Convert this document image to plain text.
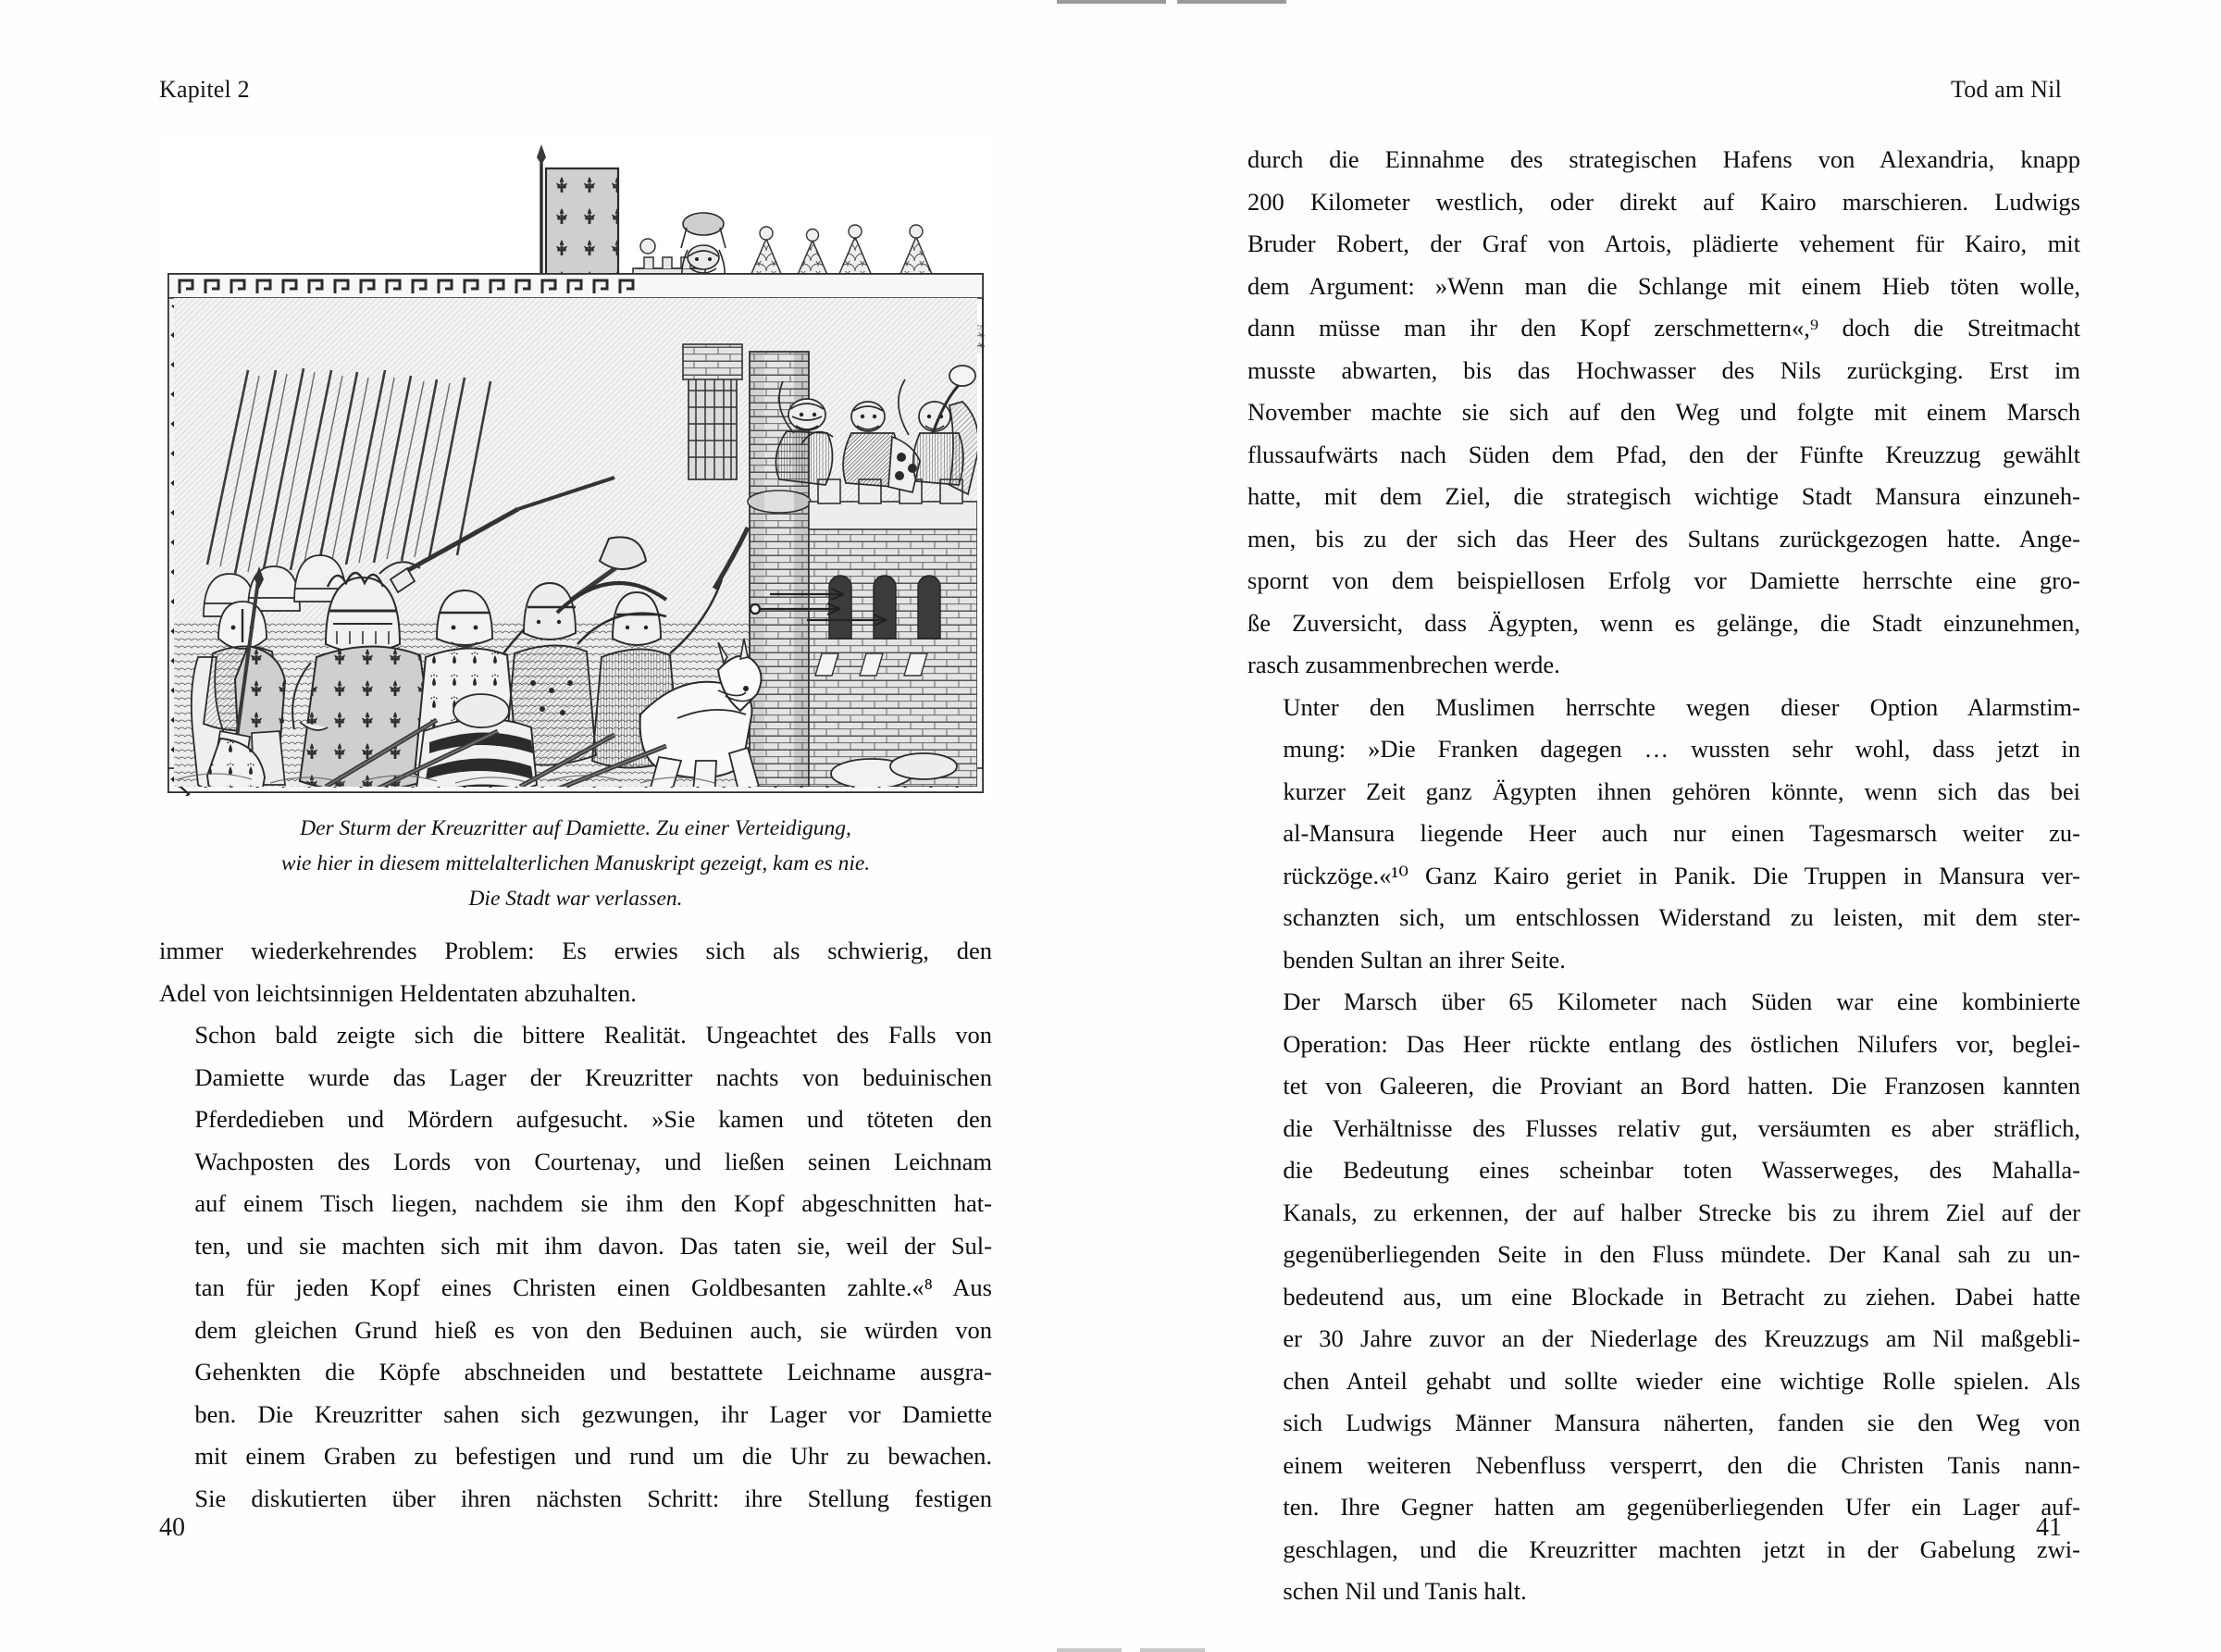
Kapitel 2
Der Sturm der Kreuzritter auf Damiette. Zu einer Verteidigung,
wie hier in diesem mittelalterlichen Manuskript gezeigt, kam es nie.
Die Stadt war verlassen.

immer wiederkehrendes Problem: Es erwies sich als schwierig, den
Adel von leichtsinnigen Heldentaten abzuhalten.

Schon bald zeigte sich die bittere Realität. Ungeachtet des Falls von
Damiette wurde das Lager der Kreuzritter nachts von beduinischen
Pferdedieben und Mördern aufgesucht. »Sie kamen und töteten den
Wachposten des Lords von Courtenay, und ließen seinen Leichnam
auf einem Tisch liegen, nachdem sie ihm den Kopf abgeschnitten hat-
ten, und sie machten sich mit ihm davon. Das taten sie, weil der Sul-
tan für jeden Kopf eines Christen einen Goldbesanten zahlte.«⁸ Aus
dem gleichen Grund hieß es von den Beduinen auch, sie würden von
Gehenkten die Köpfe abschneiden und bestattete Leichname ausgra-
ben. Die Kreuzritter sahen sich gezwungen, ihr Lager vor Damiette
mit einem Graben zu befestigen und rund um die Uhr zu bewachen.
Sie diskutierten über ihren nächsten Schritt: ihre Stellung festigen

40
Tod am Nil
41

durch die Einnahme des strategischen Hafens von Alexandria, knapp
200 Kilometer westlich, oder direkt auf Kairo marschieren. Ludwigs
Bruder Robert, der Graf von Artois, plädierte vehement für Kairo, mit
dem Argument: »Wenn man die Schlange mit einem Hieb töten wolle,
dann müsse man ihr den Kopf zerschmettern«,⁹ doch die Streitmacht
musste abwarten, bis das Hochwasser des Nils zurückging. Erst im
November machte sie sich auf den Weg und folgte mit einem Marsch
flussaufwärts nach Süden dem Pfad, den der Fünfte Kreuzzug gewählt
hatte, mit dem Ziel, die strategisch wichtige Stadt Mansura einzuneh-
men, bis zu der sich das Heer des Sultans zurückgezogen hatte. Ange-
spornt von dem beispiellosen Erfolg vor Damiette herrschte eine gro-
ße Zuversicht, dass Ägypten, wenn es gelänge, die Stadt einzunehmen,
rasch zusammenbrechen werde.

Unter den Muslimen herrschte wegen dieser Option Alarmstim-
mung: »Die Franken dagegen … wussten sehr wohl, dass jetzt in
kurzer Zeit ganz Ägypten ihnen gehören könnte, wenn sich das bei
al-Mansura liegende Heer auch nur einen Tagesmarsch weiter zu-
rückzöge.«¹⁰ Ganz Kairo geriet in Panik. Die Truppen in Mansura ver-
schanzten sich, um entschlossen Widerstand zu leisten, mit dem ster-
benden Sultan an ihrer Seite.

Der Marsch über 65 Kilometer nach Süden war eine kombinierte
Operation: Das Heer rückte entlang des östlichen Nilufers vor, beglei-
tet von Galeeren, die Proviant an Bord hatten. Die Franzosen kannten
die Verhältnisse des Flusses relativ gut, versäumten es aber sträflich,
die Bedeutung eines scheinbar toten Wasserweges, des Mahalla-
Kanals, zu erkennen, der auf halber Strecke bis zu ihrem Ziel auf der
gegenüberliegenden Seite in den Fluss mündete. Der Kanal sah zu un-
bedeutend aus, um eine Blockade in Betracht zu ziehen. Dabei hatte
er 30 Jahre zuvor an der Niederlage des Kreuzzugs am Nil maßgebli-
chen Anteil gehabt und sollte wieder eine wichtige Rolle spielen. Als
sich Ludwigs Männer Mansura näherten, fanden sie den Weg von
einem weiteren Nebenfluss versperrt, den die Christen Tanis nann-
ten. Ihre Gegner hatten am gegenüberliegenden Ufer ein Lager auf-
geschlagen, und die Kreuzritter machten jetzt in der Gabelung zwi-
schen Nil und Tanis halt.
